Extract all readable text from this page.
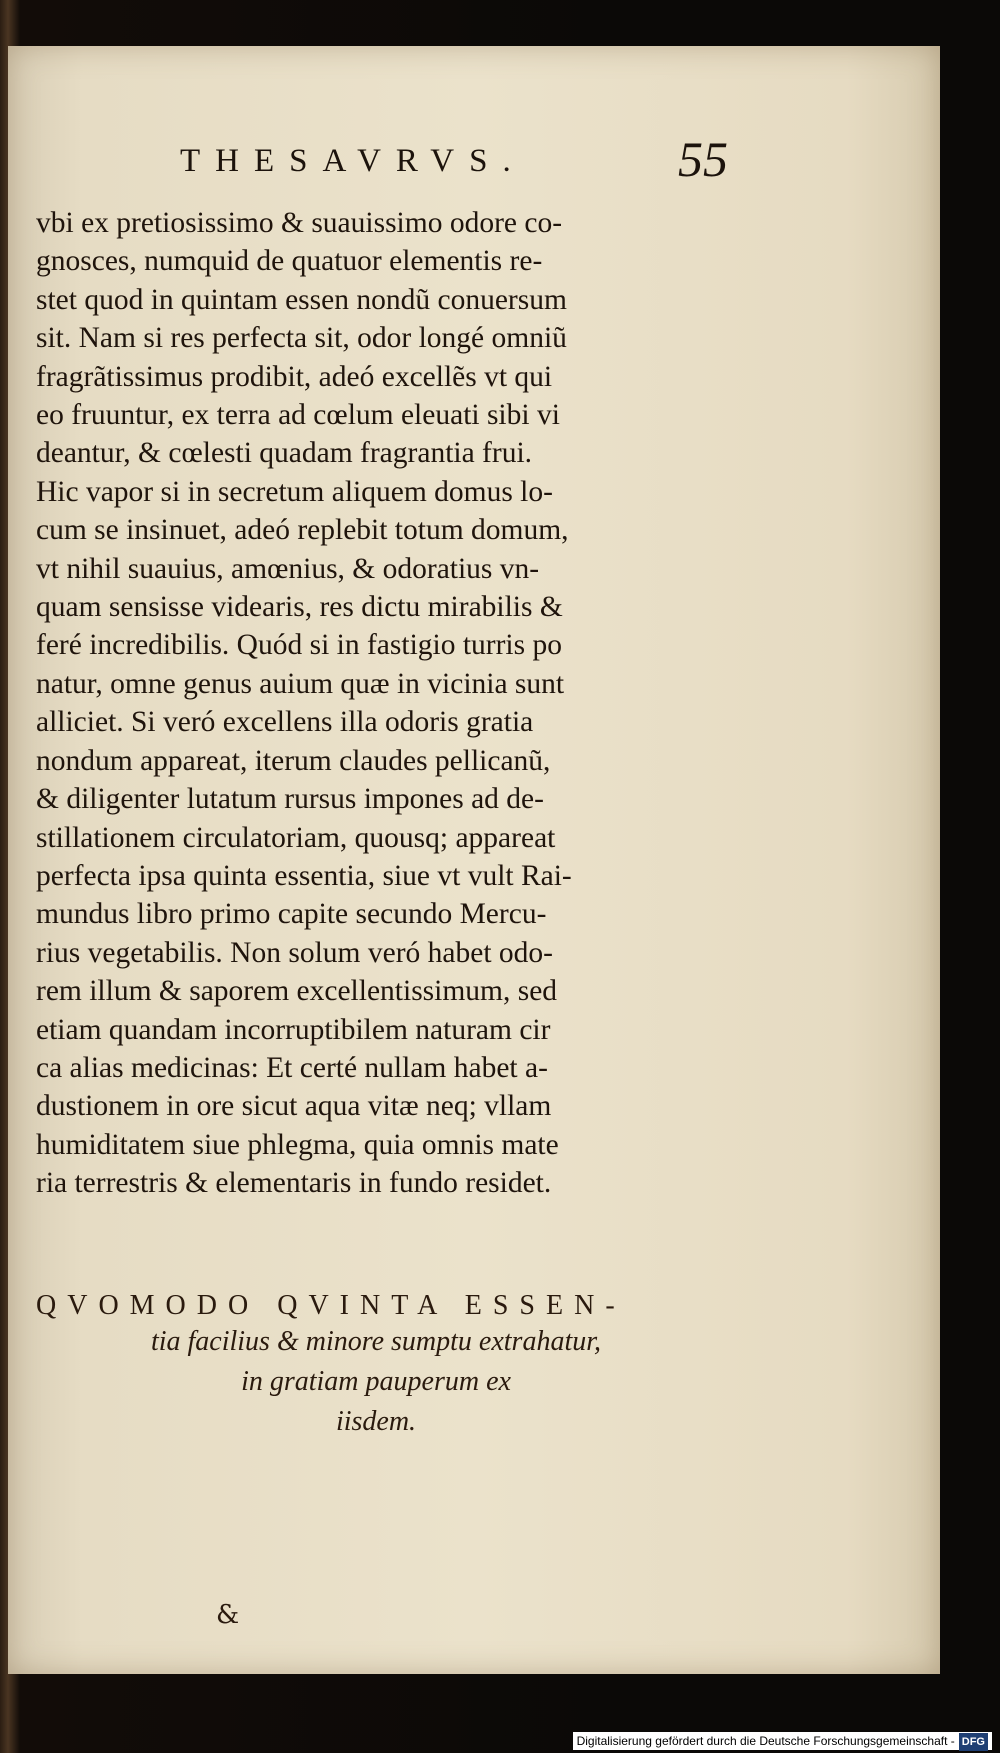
THESAVRVS.	55
vbi ex pretiosissimo & suauissimo odore co-
gnosces, numquid de quatuor elementis re-
stet quod in quintam essen nondũ conuersum
sit. Nam si res perfecta sit, odor longé omniũ
fragrãtissimus prodibit, adeó excellẽs vt qui
eo fruuntur, ex terra ad cœlum eleuati sibi vi
deantur, & cœlesti quadam fragrantia frui.
Hic vapor si in secretum aliquem domus lo-
cum se insinuet, adeó replebit totum domum,
vt nihil suauius, amœnius, & odoratius vn-
quam sensisse videaris, res dictu mirabilis &
feré incredibilis. Quód si in fastigio turris po
natur, omne genus auium quæ in vicinia sunt
alliciet. Si veró excellens illa odoris gratia
nondum appareat, iterum claudes pellicanũ,
& diligenter lutatum rursus impones ad de-
stillationem circulatoriam, quousq; appareat
perfecta ipsa quinta essentia, siue vt vult Rai-
mundus libro primo capite secundo Mercu-
rius vegetabilis. Non solum veró habet odo-
rem illum & saporem excellentissimum, sed
etiam quandam incorruptibilem naturam cir
ca alias medicinas: Et certé nullam habet a-
dustionem in ore sicut aqua vitæ neq; vllam
humiditatem siue phlegma, quia omnis mate
ria terrestris & elementaris in fundo residet.
QVOMODO QVINTA ESSEN-
tia facilius & minore sumptu extrahatur,
in gratiam pauperum ex
iisdem.
&
Digitalisierung gefördert durch die Deutsche Forschungsgemeinschaft - DFG
